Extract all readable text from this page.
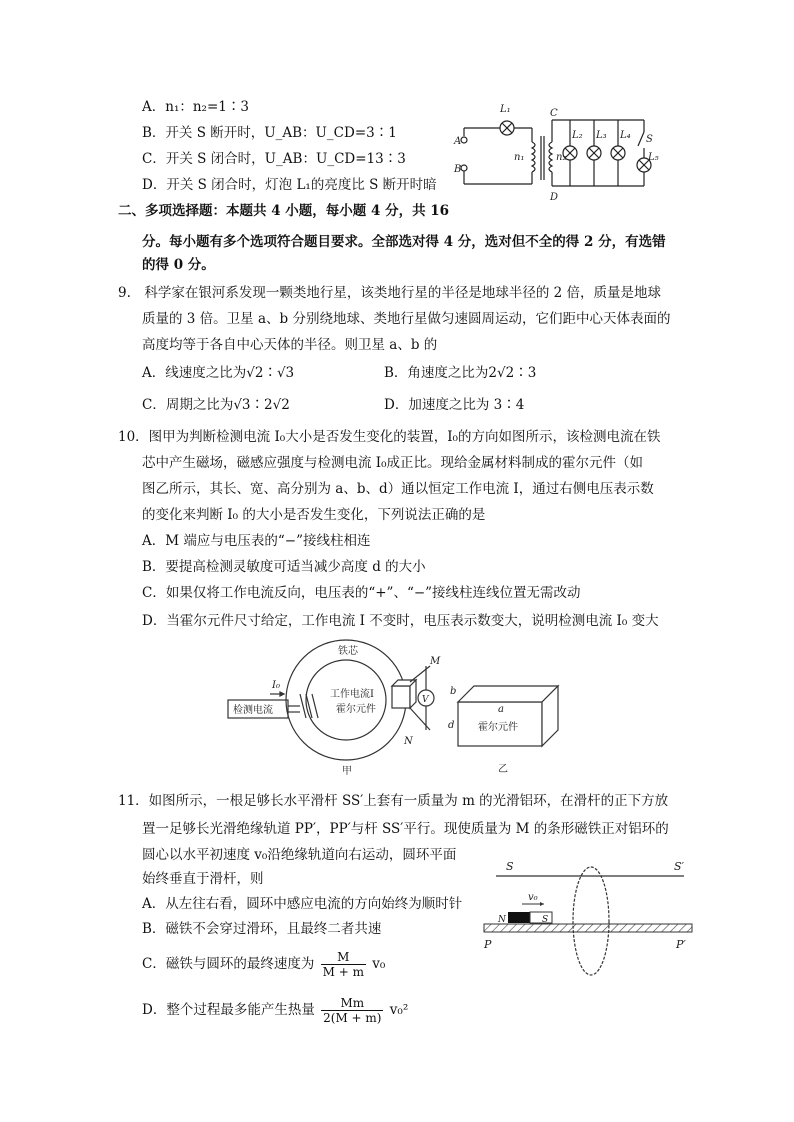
A．n₁：n₂=1∶3
B．开关 S 断开时，U_AB：U_CD=3∶1
C．开关 S 闭合时，U_AB：U_CD=13∶3
D．开关 S 闭合时，灯泡 L₁的亮度比 S 断开时暗
A
B
C
D
L₁
L₂ L₃ L₄
L₅
S
n₁	n₂
二、多项选择题：本题共 4 小题，每小题 4 分，共 16
分。每小题有多个选项符合题目要求。全部选对得 4 分，选对但不全的得 2 分，有选错
的得 0 分。
9.　科学家在银河系发现一颗类地行星，该类地行星的半径是地球半径的 2 倍，质量是地球
质量的 3 倍。卫星 a、b 分别绕地球、类地行星做匀速圆周运动，它们距中心天体表面的
高度均等于各自中心天体的半径。则卫星 a、b 的
A．线速度之比为√2∶√3	B．角速度之比为2√2∶3
C．周期之比为√3∶2√2	D．加速度之比为 3∶4
10．图甲为判断检测电流 I₀大小是否发生变化的装置，I₀的方向如图所示，该检测电流在铁
芯中产生磁场，磁感应强度与检测电流 I₀成正比。现给金属材料制成的霍尔元件（如
图乙所示，其长、宽、高分别为 a、b、d）通以恒定工作电流 I，通过右侧电压表示数
的变化来判断 I₀ 的大小是否发生变化，下列说法正确的是
A．M 端应与电压表的“−”接线柱相连
B．要提高检测灵敏度可适当减少高度 d 的大小
C．如果仅将工作电流反向，电压表的“+”、“−”接线柱连线位置无需改动
D．当霍尔元件尺寸给定，工作电流 I 不变时，电压表示数变大，说明检测电流 I₀ 变大
铁芯
检测电流
I₀
工作电流I
霍尔元件
M
N
V
甲
b
a
d 霍尔元件
乙
11．如图所示，一根足够长水平滑杆 SS′上套有一质量为 m 的光滑铝环，在滑杆的正下方放
置一足够长光滑绝缘轨道 PP′，PP′与杆 SS′平行。现使质量为 M 的条形磁铁正对铝环的
圆心以水平初速度 v₀沿绝缘轨道向右运动，圆环平面
始终垂直于滑杆，则
A．从左往右看，圆环中感应电流的方向始终为顺时针
B．磁铁不会穿过滑环，且最终二者共速
C．磁铁与圆环的最终速度为 $\frac{M}{M + m} v_0$
D．整个过程最多能产生热量 $\frac{Mm}{2(M + m)} v_0^2$
S	S′
P	P′
v₀
N	S
